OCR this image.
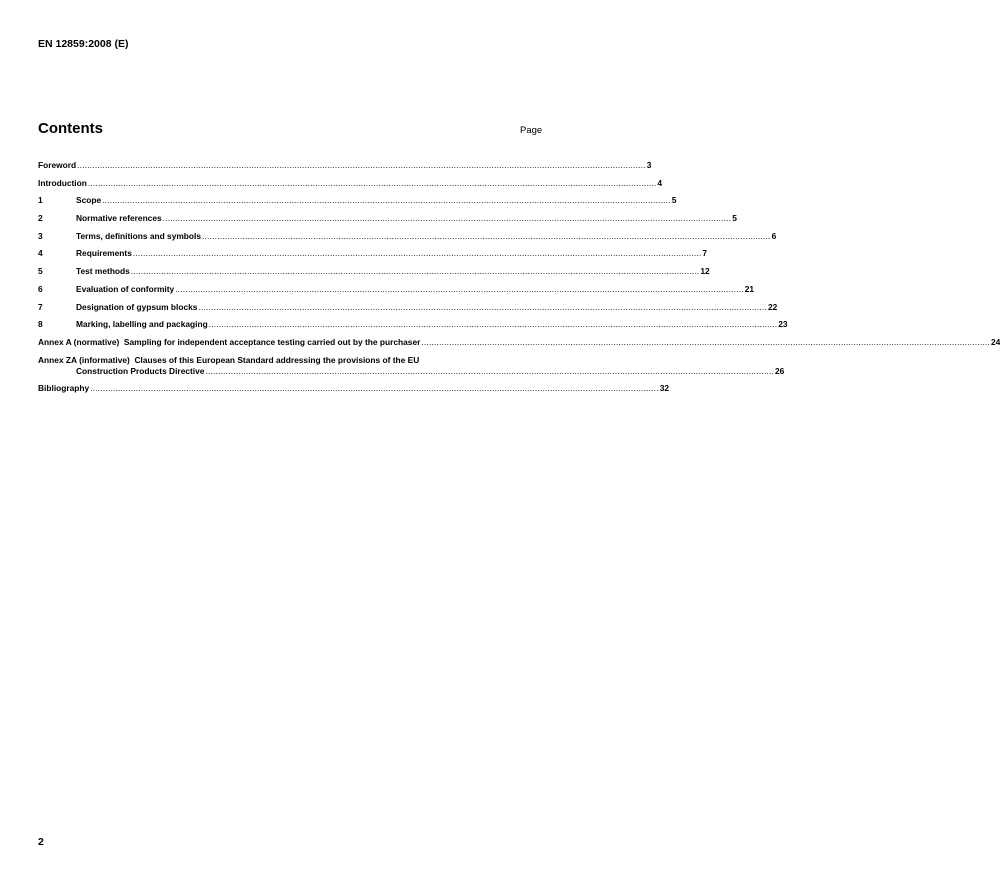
EN 12859:2008 (E)
Contents	Page
Foreword ................................................................................................................................................................................................................................. 3
Introduction ................................................................................................................................................................................................................................. 4
1	Scope ................................................................................................................................................................................................................................. 5
2	Normative references ................................................................................................................................................................................................................................. 5
3	Terms, definitions and symbols ................................................................................................................................................................................................................................. 6
4	Requirements ................................................................................................................................................................................................................................. 7
5	Test methods ................................................................................................................................................................................................................................. 12
6	Evaluation of conformity ................................................................................................................................................................................................................................. 21
7	Designation of gypsum blocks ................................................................................................................................................................................................................................. 22
8	Marking, labelling and packaging ................................................................................................................................................................................................................................. 23
Annex A (normative)  Sampling for independent acceptance testing carried out by the purchaser ................................................................................................................................................................................................................................. 24
Annex ZA (informative)  Clauses of this European Standard addressing the provisions of the EU
Construction Products Directive ................................................................................................................................................................................................................................. 26
Bibliography ................................................................................................................................................................................................................................. 32
2
